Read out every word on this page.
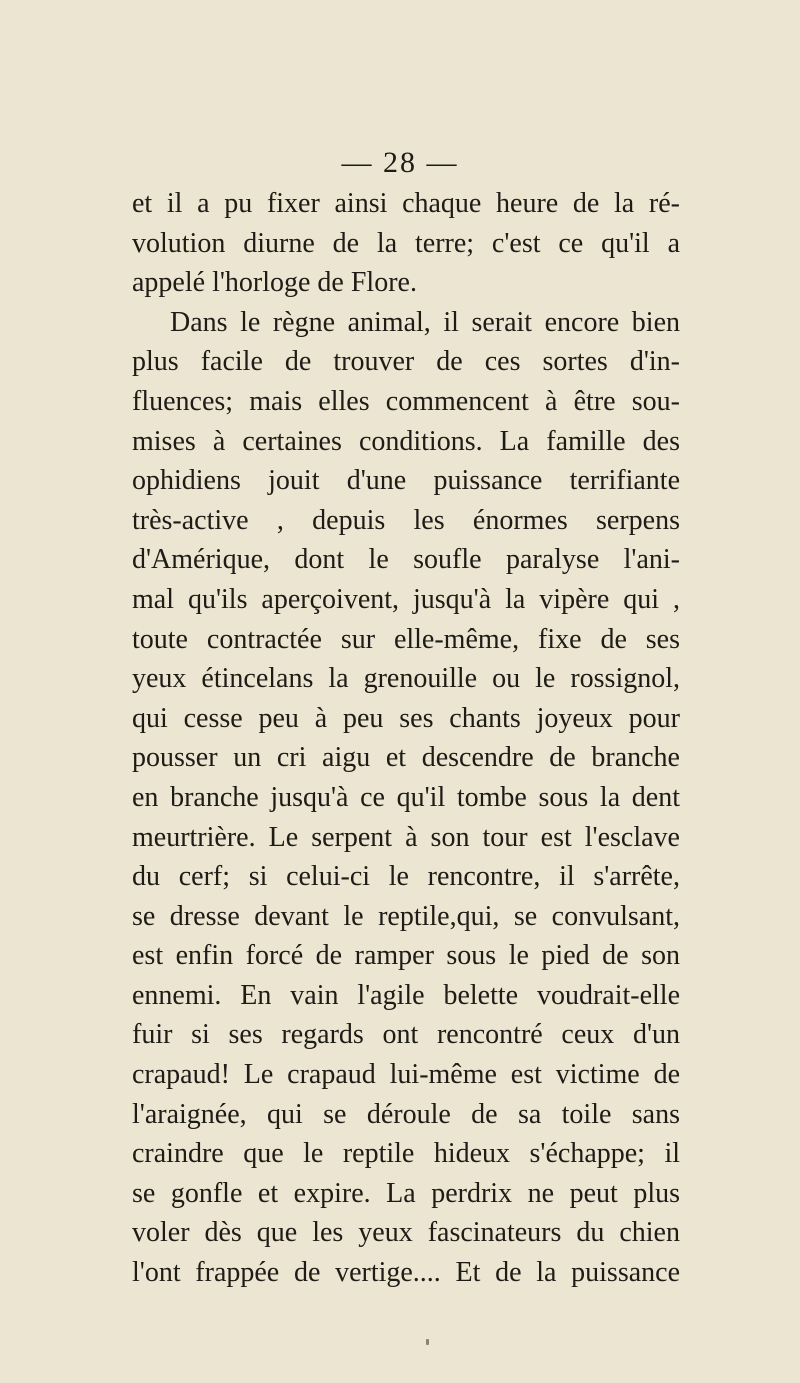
— 28 —
et il a pu fixer ainsi chaque heure de la ré-
volution diurne de la terre; c'est ce qu'il a
appelé l'horloge de Flore.
Dans le règne animal, il serait encore bien
plus facile de trouver de ces sortes d'in-
fluences; mais elles commencent à être sou-
mises à certaines conditions. La famille des
ophidiens jouit d'une puissance terrifiante
très-active , depuis les énormes serpens
d'Amérique, dont le soufle paralyse l'ani-
mal qu'ils aperçoivent, jusqu'à la vipère qui ,
toute contractée sur elle-même, fixe de ses
yeux étincelans la grenouille ou le rossignol,
qui cesse peu à peu ses chants joyeux pour
pousser un cri aigu et descendre de branche
en branche jusqu'à ce qu'il tombe sous la dent
meurtrière. Le serpent à son tour est l'esclave
du cerf; si celui-ci le rencontre, il s'arrête,
se dresse devant le reptile,qui, se convulsant,
est enfin forcé de ramper sous le pied de son
ennemi. En vain l'agile belette voudrait-elle
fuir si ses regards ont rencontré ceux d'un
crapaud! Le crapaud lui-même est victime de
l'araignée, qui se déroule de sa toile sans
craindre que le reptile hideux s'échappe; il
se gonfle et expire. La perdrix ne peut plus
voler dès que les yeux fascinateurs du chien
l'ont frappée de vertige.... Et de la puissance
